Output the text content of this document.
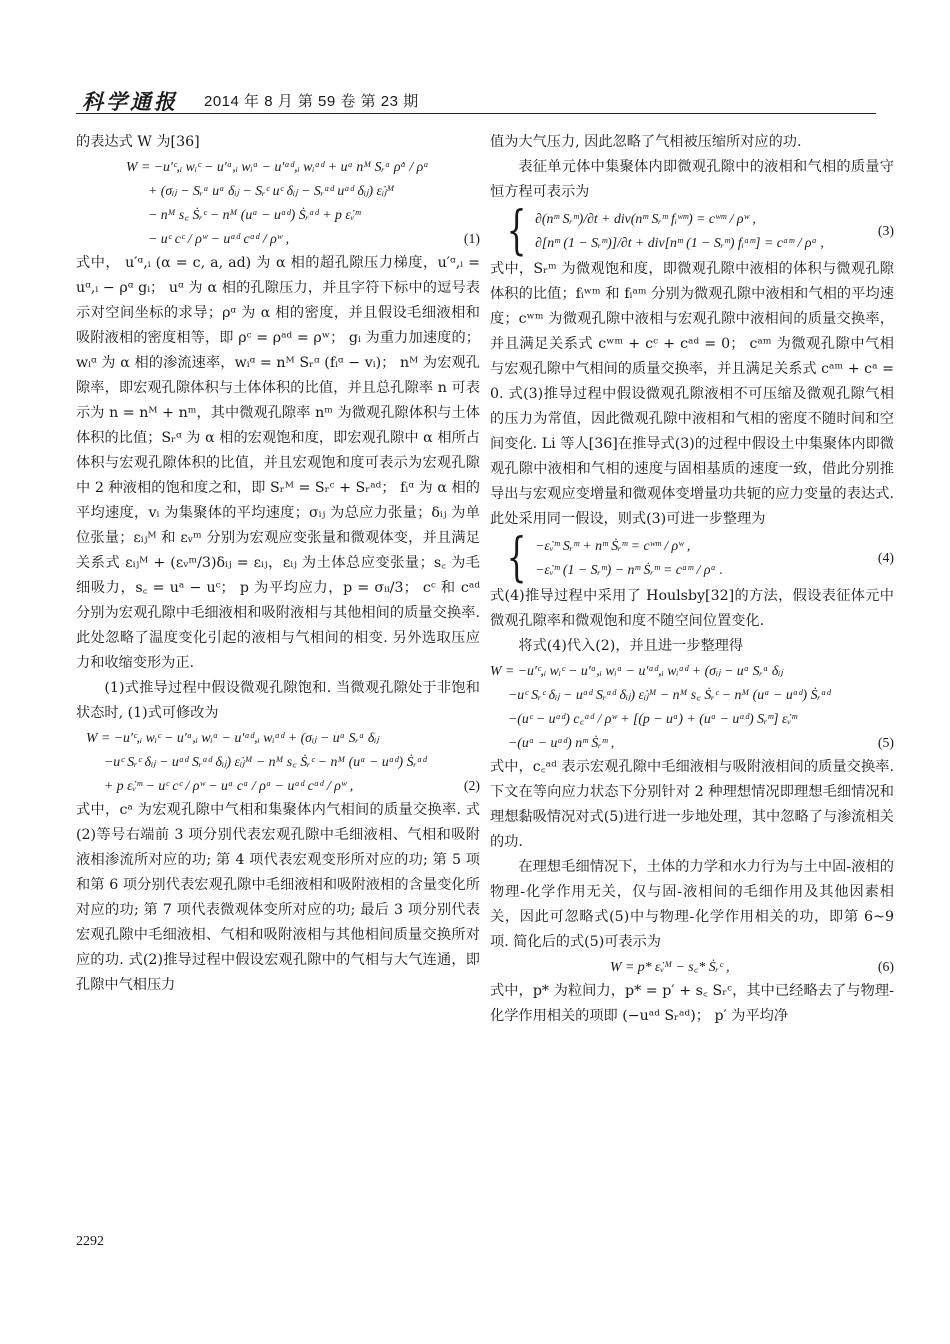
科学通报 2014 年 8 月 第 59 卷 第 23 期

的表达式 W 为[36]

W = −u′ᶜ,ᵢ wᵢᶜ − u′ᵃ,ᵢ wᵢᵃ − u′ᵃᵈ,ᵢ wᵢᵃᵈ + uᵃ nᴹ Sᵣᵃ ρ̇ᵃ / ρᵃ
+ (σᵢⱼ − Sᵣᵃ uᵃ δᵢⱼ − Sᵣᶜ uᶜ δᵢⱼ − Sᵣᵃᵈ uᵃᵈ δᵢⱼ) ε̇ᵢⱼᴹ
− nᴹ s꜀ Ṡᵣᶜ − nᴹ (uᵃ − uᵃᵈ) Ṡᵣᵃᵈ + p ε̇ᵥᵐ
− uᶜ cᶜ / ρʷ − uᵃᵈ cᵃᵈ / ρʷ ,	(1)

式中， u′ᵅ,ᵢ (α = c, a, ad) 为 α 相的超孔隙压力梯度，u′ᵅ,ᵢ = uᵅ,ᵢ − ρᵅ gᵢ； uᵅ 为 α 相的孔隙压力，并且字符下标中的逗号表示对空间坐标的求导；ρᵅ 为 α 相的密度，并且假设毛细液相和吸附液相的密度相等，即 ρᶜ = ρᵃᵈ = ρʷ； gᵢ 为重力加速度的； wᵢᵅ 为 α 相的渗流速率，wᵢᵅ = nᴹ Sᵣᵅ (fᵢᵅ − vᵢ)； nᴹ 为宏观孔隙率，即宏观孔隙体积与土体体积的比值，并且总孔隙率 n 可表示为 n = nᴹ + nᵐ，其中微观孔隙率 nᵐ 为微观孔隙体积与土体体积的比值；Sᵣᵅ 为 α 相的宏观饱和度，即宏观孔隙中 α 相所占体积与宏观孔隙体积的比值，并且宏观饱和度可表示为宏观孔隙中 2 种液相的饱和度之和，即 Sᵣᴹ = Sᵣᶜ + Sᵣᵃᵈ； fᵢᵅ 为 α 相的平均速度，vᵢ 为集聚体的平均速度；σᵢⱼ 为总应力张量；δᵢⱼ 为单位张量；εᵢⱼᴹ 和 εᵥᵐ 分别为宏观应变张量和微观体变，并且满足关系式 εᵢⱼᴹ + (εᵥᵐ/3)δᵢⱼ = εᵢⱼ，εᵢⱼ 为土体总应变张量；s꜀ 为毛细吸力，s꜀ = uᵃ − uᶜ； p 为平均应力，p = σᵢᵢ/3； cᶜ 和 cᵃᵈ 分别为宏观孔隙中毛细液相和吸附液相与其他相间的质量交换率. 此处忽略了温度变化引起的液相与气相间的相变. 另外选取压应力和收缩变形为正.

(1)式推导过程中假设微观孔隙饱和. 当微观孔隙处于非饱和状态时, (1)式可修改为

W = −u′ᶜ,ᵢ wᵢᶜ − u′ᵃ,ᵢ wᵢᵃ − u′ᵃᵈ,ᵢ wᵢᵃᵈ + (σᵢⱼ − uᵃ Sᵣᵃ δᵢⱼ
−uᶜ Sᵣᶜ δᵢⱼ − uᵃᵈ Sᵣᵃᵈ δᵢⱼ) ε̇ᵢⱼᴹ − nᴹ s꜀ Ṡᵣᶜ − nᴹ (uᵃ − uᵃᵈ) Ṡᵣᵃᵈ
+ p ε̇ᵥᵐ − uᶜ cᶜ / ρʷ − uᵃ cᵃ / ρᵃ − uᵃᵈ cᵃᵈ / ρʷ ,	(2)

式中，cᵃ 为宏观孔隙中气相和集聚体内气相间的质量交换率. 式(2)等号右端前 3 项分别代表宏观孔隙中毛细液相、气相和吸附液相渗流所对应的功; 第 4 项代表宏观变形所对应的功; 第 5 项和第 6 项分别代表宏观孔隙中毛细液相和吸附液相的含量变化所对应的功; 第 7 项代表微观体变所对应的功; 最后 3 项分别代表宏观孔隙中毛细液相、气相和吸附液相与其他相间质量交换所对应的功. 式(2)推导过程中假设宏观孔隙中的气相与大气连通，即孔隙中气相压力

值为大气压力, 因此忽略了气相被压缩所对应的功.

表征单元体中集聚体内即微观孔隙中的液相和气相的质量守恒方程可表示为

{ ∂(nᵐ Sᵣᵐ)/∂t + div(nᵐ Sᵣᵐ fᵢʷᵐ) = cʷᵐ / ρʷ ,
∂[nᵐ (1 − Sᵣᵐ)]/∂t + div[nᵐ (1 − Sᵣᵐ) fᵢᵃᵐ] = cᵃᵐ / ρᵃ ,
(3)

式中，Sᵣᵐ 为微观饱和度，即微观孔隙中液相的体积与微观孔隙体积的比值；fᵢʷᵐ 和 fᵢᵃᵐ 分别为微观孔隙中液相和气相的平均速度；cʷᵐ 为微观孔隙中液相与宏观孔隙中液相间的质量交换率，并且满足关系式 cʷᵐ + cᶜ + cᵃᵈ = 0； cᵃᵐ 为微观孔隙中气相与宏观孔隙中气相间的质量交换率，并且满足关系式 cᵃᵐ + cᵃ = 0. 式(3)推导过程中假设微观孔隙液相不可压缩及微观孔隙气相的压力为常值，因此微观孔隙中液相和气相的密度不随时间和空间变化. Li 等人[36]在推导式(3)的过程中假设土中集聚体内即微观孔隙中液相和气相的速度与固相基质的速度一致，借此分别推导出与宏观应变增量和微观体变增量功共轭的应力变量的表达式. 此处采用同一假设，则式(3)可进一步整理为

{ −ε̇ᵥᵐ Sᵣᵐ + nᵐ Ṡᵣᵐ = cʷᵐ / ρʷ ,
−ε̇ᵥᵐ (1 − Sᵣᵐ) − nᵐ Ṡᵣᵐ = cᵃᵐ / ρᵃ .
(4)

式(4)推导过程中采用了 Houlsby[32]的方法，假设表征体元中微观孔隙率和微观饱和度不随空间位置变化.

将式(4)代入(2)，并且进一步整理得

W = −u′ᶜ,ᵢ wᵢᶜ − u′ᵃ,ᵢ wᵢᵃ − u′ᵃᵈ,ᵢ wᵢᵃᵈ + (σᵢⱼ − uᵃ Sᵣᵃ δᵢⱼ
−uᶜ Sᵣᶜ δᵢⱼ − uᵃᵈ Sᵣᵃᵈ δᵢⱼ) ε̇ᵢⱼᴹ − nᴹ s꜀ Ṡᵣᶜ − nᴹ (uᵃ − uᵃᵈ) Ṡᵣᵃᵈ
−(uᶜ − uᵃᵈ) c꜀ᵃᵈ / ρʷ + [(p − uᵃ) + (uᵃ − uᵃᵈ) Sᵣᵐ] ε̇ᵥᵐ
−(uᵃ − uᵃᵈ) nᵐ Ṡᵣᵐ ,	(5)

式中，c꜀ᵃᵈ 表示宏观孔隙中毛细液相与吸附液相间的质量交换率. 下文在等向应力状态下分别针对 2 种理想情况即理想毛细情况和理想黏吸情况对式(5)进行进一步地处理，其中忽略了与渗流相关的功.

在理想毛细情况下，土体的力学和水力行为与土中固-液相的物理-化学作用无关，仅与固-液相间的毛细作用及其他因素相关，因此可忽略式(5)中与物理-化学作用相关的功，即第 6~9 项. 简化后的式(5)可表示为

W = p* ε̇ᵥᴹ − s꜀* Ṡᵣᶜ ,	(6)

式中，p* 为粒间力，p* = p′ + s꜀ Sᵣᶜ，其中已经略去了与物理-化学作用相关的项即 (−uᵃᵈ Sᵣᵃᵈ)； p′ 为平均净

2292
